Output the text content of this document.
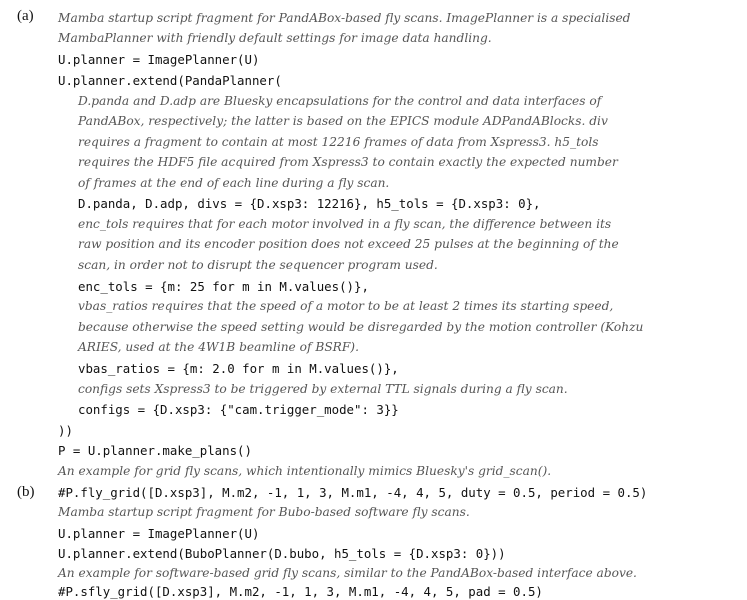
(a)
(b)
Mamba startup script fragment for PandABox-based fly scans. ImagePlanner is a specialised
MambaPlanner with friendly default settings for image data handling.
U.planner = ImagePlanner(U)
U.planner.extend(PandaPlanner(
D.panda and D.adp are Bluesky encapsulations for the control and data interfaces of
PandABox, respectively; the latter is based on the EPICS module ADPandABlocks. div
requires a fragment to contain at most 12216 frames of data from Xspress3. h5_tols
requires the HDF5 file acquired from Xspress3 to contain exactly the expected number
of frames at the end of each line during a fly scan.
D.panda, D.adp, divs = {D.xsp3: 12216}, h5_tols = {D.xsp3: 0},
enc_tols requires that for each motor involved in a fly scan, the difference between its
raw position and its encoder position does not exceed 25 pulses at the beginning of the
scan, in order not to disrupt the sequencer program used.
enc_tols = {m: 25 for m in M.values()},
vbas_ratios requires that the speed of a motor to be at least 2 times its starting speed,
because otherwise the speed setting would be disregarded by the motion controller (Kohzu
ARIES, used at the 4W1B beamline of BSRF).
vbas_ratios = {m: 2.0 for m in M.values()},
configs sets Xspress3 to be triggered by external TTL signals during a fly scan.
configs = {D.xsp3: {"cam.trigger_mode": 3}}
))
P = U.planner.make_plans()
An example for grid fly scans, which intentionally mimics Bluesky's grid_scan().
#P.fly_grid([D.xsp3], M.m2, -1, 1, 3, M.m1, -4, 4, 5, duty = 0.5, period = 0.5)
Mamba startup script fragment for Bubo-based software fly scans.
U.planner = ImagePlanner(U)
U.planner.extend(BuboPlanner(D.bubo, h5_tols = {D.xsp3: 0}))
An example for software-based grid fly scans, similar to the PandABox-based interface above.
#P.sfly_grid([D.xsp3], M.m2, -1, 1, 3, M.m1, -4, 4, 5, pad = 0.5)
